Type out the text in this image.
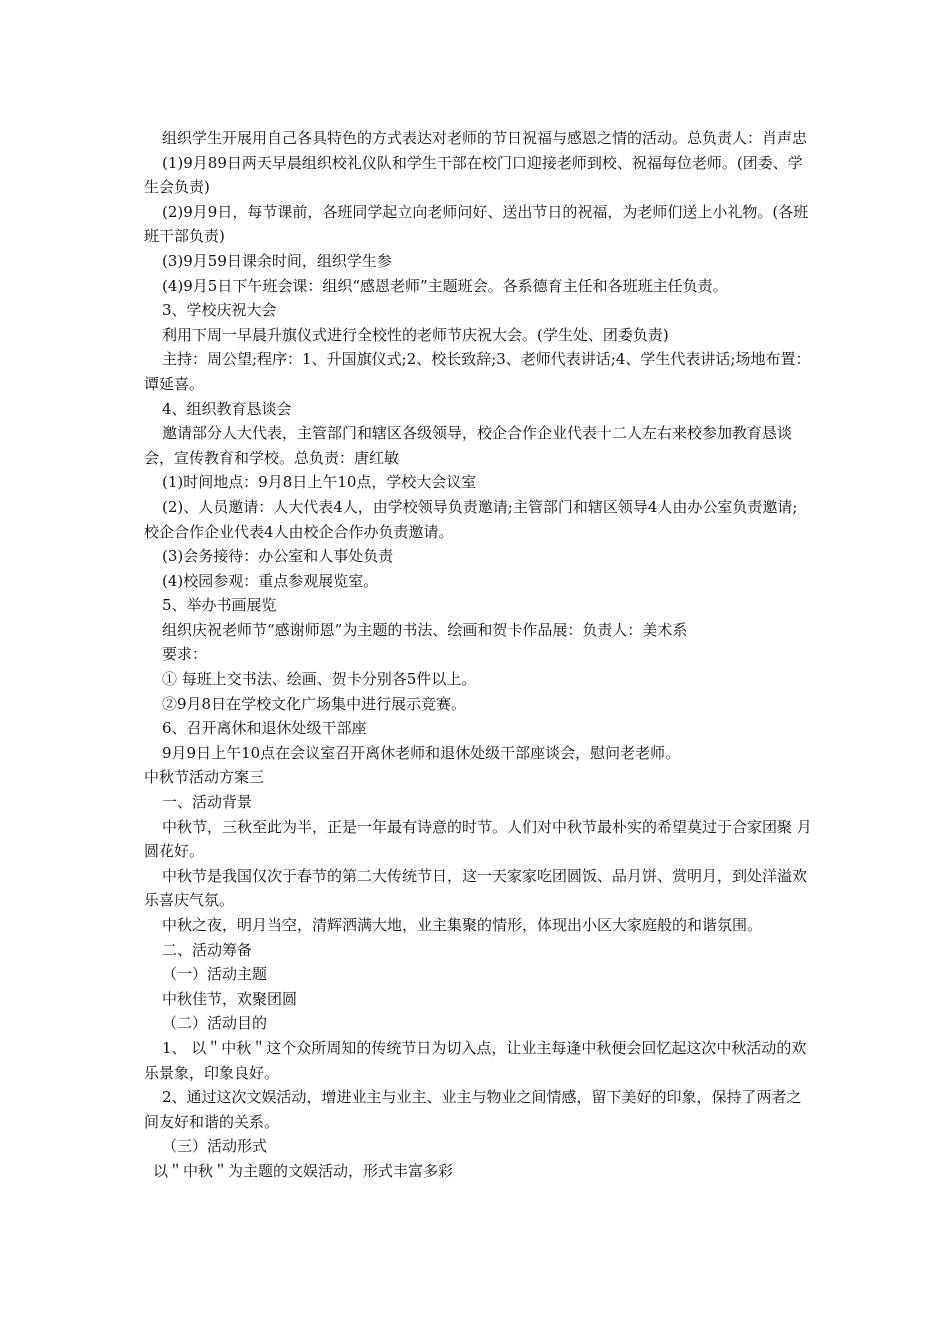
组织学生开展用自己各具特色的方式表达对老师的节日祝福与感恩之情的活动。总负责人：肖声忠

(1)9月89日两天早晨组织校礼仪队和学生干部在校门口迎接老师到校、祝福每位老师。(团委、学生会负责)

(2)9月9日，每节课前，各班同学起立向老师问好、送出节日的祝福，为老师们送上小礼物。(各班班干部负责)

(3)9月59日课余时间，组织学生参

(4)9月5日下午班会课：组织“感恩老师”主题班会。各系德育主任和各班班主任负责。

3、学校庆祝大会

利用下周一早晨升旗仪式进行全校性的老师节庆祝大会。(学生处、团委负责)

主持：周公望;程序：1、升国旗仪式;2、校长致辞;3、老师代表讲话;4、学生代表讲话;场地布置：谭延喜。

4、组织教育恳谈会

邀请部分人大代表，主管部门和辖区各级领导，校企合作企业代表十二人左右来校参加教育恳谈会，宣传教育和学校。总负责：唐红敏

(1)时间地点：9月8日上午10点，学校大会议室

(2)、人员邀请：人大代表4人，由学校领导负责邀请;主管部门和辖区领导4人由办公室负责邀请;校企合作企业代表4人由校企合作办负责邀请。

(3)会务接待：办公室和人事处负责

(4)校园参观：重点参观展览室。

5、举办书画展览

组织庆祝老师节“感谢师恩”为主题的书法、绘画和贺卡作品展：负责人：美术系

要求：

① 每班上交书法、绘画、贺卡分别各5件以上。

②9月8日在学校文化广场集中进行展示竞赛。

6、召开离休和退休处级干部座

9月9日上午10点在会议室召开离休老师和退休处级干部座谈会，慰问老老师。

中秋节活动方案三

一、活动背景

中秋节，三秋至此为半，正是一年最有诗意的时节。人们对中秋节最朴实的希望莫过于合家团聚 月圆花好。

中秋节是我国仅次于春节的第二大传统节日，这一天家家吃团圆饭、品月饼、赏明月，到处洋溢欢乐喜庆气氛。

中秋之夜，明月当空，清辉洒满大地，业主集聚的情形，体现出小区大家庭般的和谐氛围。

二、活动筹备

（一）活动主题

中秋佳节，欢聚团圆

（二）活动目的

1、 以＂中秋＂这个众所周知的传统节日为切入点，让业主每逢中秋便会回忆起这次中秋活动的欢乐景象，印象良好。

2、通过这次文娱活动，增进业主与业主、业主与物业之间情感，留下美好的印象，保持了两者之间友好和谐的关系。

（三）活动形式

以＂中秋＂为主题的文娱活动，形式丰富多彩
